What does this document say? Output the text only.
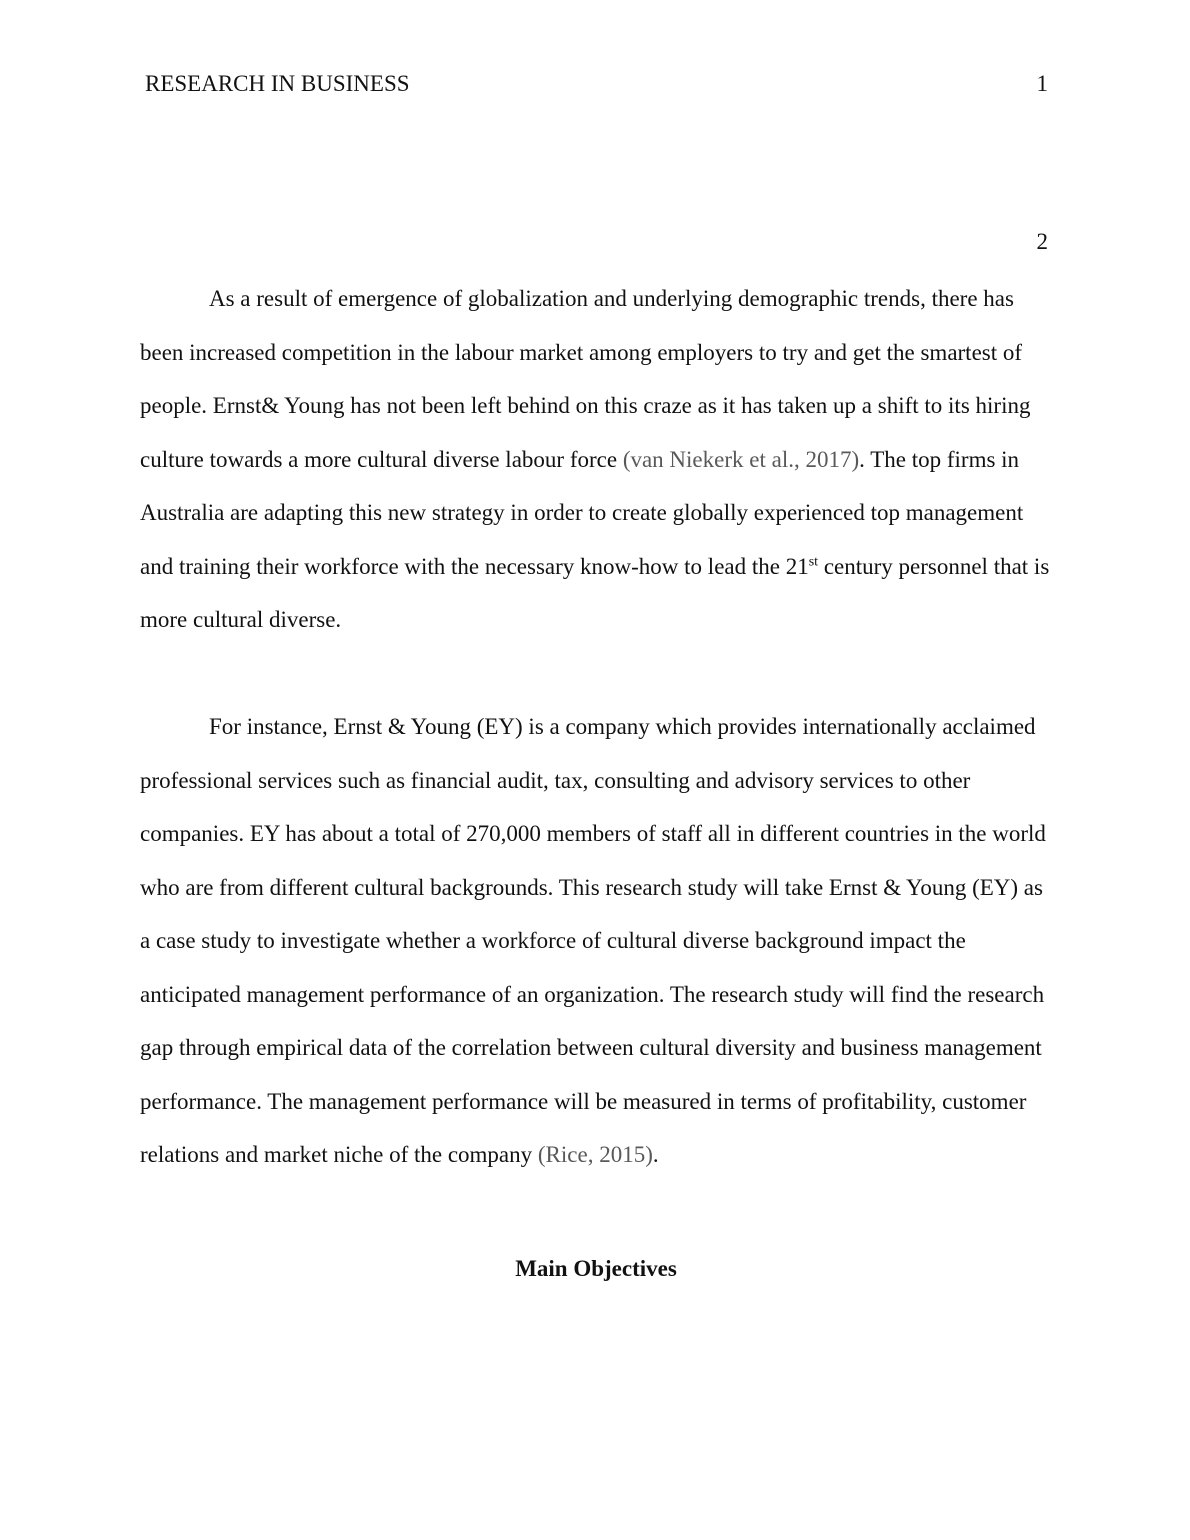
RESEARCH IN BUSINESS	1
2

As a result of emergence of globalization and underlying demographic trends, there has been increased competition in the labour market among employers to try and get the smartest of people. Ernst& Young has not been left behind on this craze as it has taken up a shift to its hiring culture towards a more cultural diverse labour force (van Niekerk et al., 2017). The top firms in Australia are adapting this new strategy in order to create globally experienced top management and training their workforce with the necessary know-how to lead the 21st century personnel that is more cultural diverse.

For instance, Ernst & Young (EY) is a company which provides internationally acclaimed professional services such as financial audit, tax, consulting and advisory services to other companies. EY has about a total of 270,000 members of staff all in different countries in the world who are from different cultural backgrounds. This research study will take Ernst & Young (EY) as a case study to investigate whether a workforce of cultural diverse background impact the anticipated management performance of an organization. The research study will find the research gap through empirical data of the correlation between cultural diversity and business management performance. The management performance will be measured in terms of profitability, customer relations and market niche of the company (Rice, 2015).

Main Objectives
